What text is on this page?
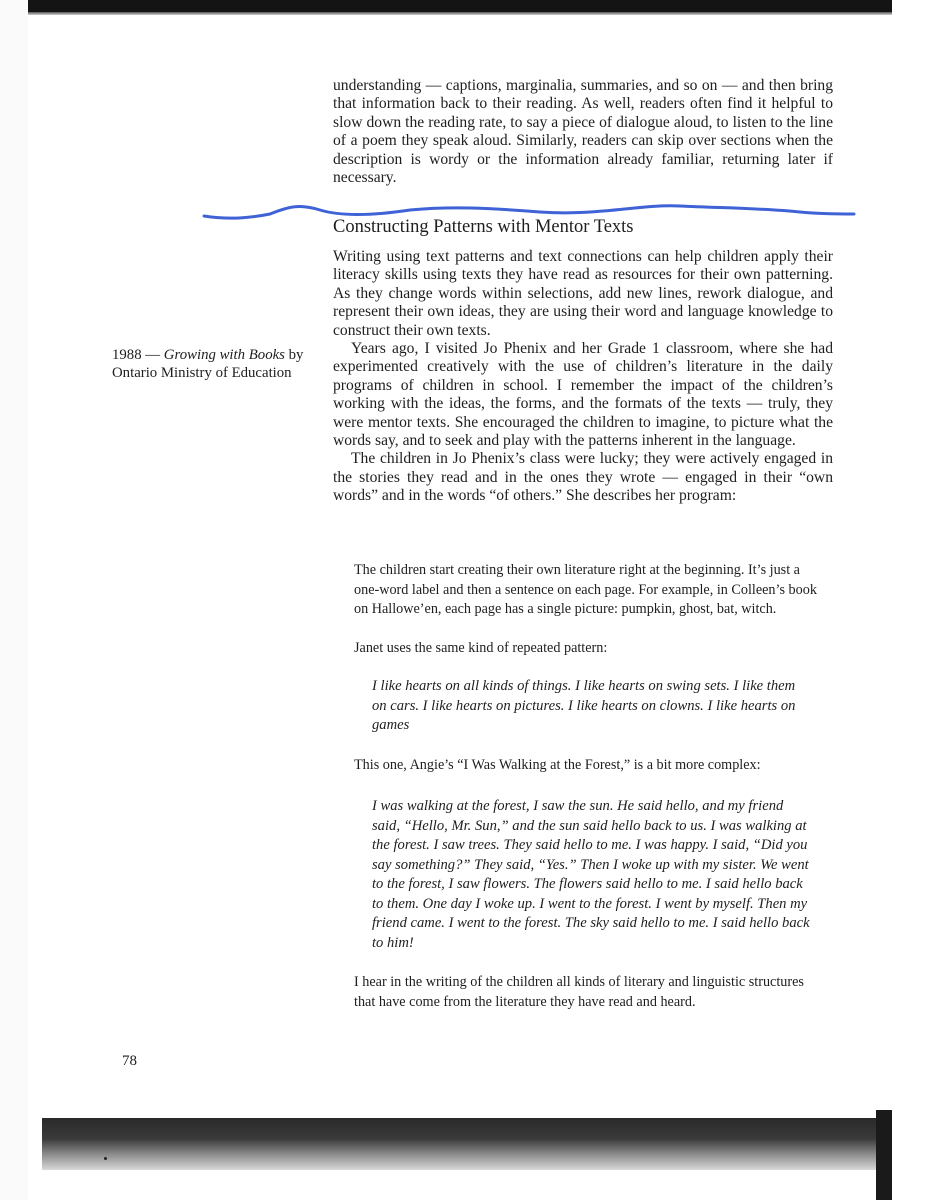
understanding — captions, marginalia, summaries, and so on — and then bring that information back to their reading. As well, readers often find it helpful to slow down the reading rate, to say a piece of dialogue aloud, to listen to the line of a poem they speak aloud. Similarly, readers can skip over sections when the description is wordy or the information already familiar, returning later if necessary.

Constructing Patterns with Mentor Texts

Writing using text patterns and text connections can help children apply their literacy skills using texts they have read as resources for their own patterning. As they change words within selections, add new lines, rework dialogue, and represent their own ideas, they are using their word and language knowledge to construct their own texts.

Years ago, I visited Jo Phenix and her Grade 1 classroom, where she had experimented creatively with the use of children’s literature in the daily programs of children in school. I remember the impact of the children’s working with the ideas, the forms, and the formats of the texts — truly, they were mentor texts. She encouraged the children to imagine, to picture what the words say, and to seek and play with the patterns inherent in the language.

The children in Jo Phenix’s class were lucky; they were actively engaged in the stories they read and in the ones they wrote — engaged in their “own words” and in the words “of others.” She describes her program:

1988 — Growing with Books by Ontario Ministry of Education

The children start creating their own literature right at the beginning. It’s just a one-word label and then a sentence on each page. For example, in Colleen’s book on Hallowe’en, each page has a single picture: pumpkin, ghost, bat, witch.

Janet uses the same kind of repeated pattern:

I like hearts on all kinds of things. I like hearts on swing sets. I like them on cars. I like hearts on pictures. I like hearts on clowns. I like hearts on games

This one, Angie’s “I Was Walking at the Forest,” is a bit more complex:

I was walking at the forest, I saw the sun. He said hello, and my friend said, “Hello, Mr. Sun,” and the sun said hello back to us. I was walking at the forest. I saw trees. They said hello to me. I was happy. I said, “Did you say something?” They said, “Yes.” Then I woke up with my sister. We went to the forest, I saw flowers. The flowers said hello to me. I said hello back to them. One day I woke up. I went to the forest. I went by myself. Then my friend came. I went to the forest. The sky said hello to me. I said hello back to him!

I hear in the writing of the children all kinds of literary and linguistic structures that have come from the literature they have read and heard.

78
